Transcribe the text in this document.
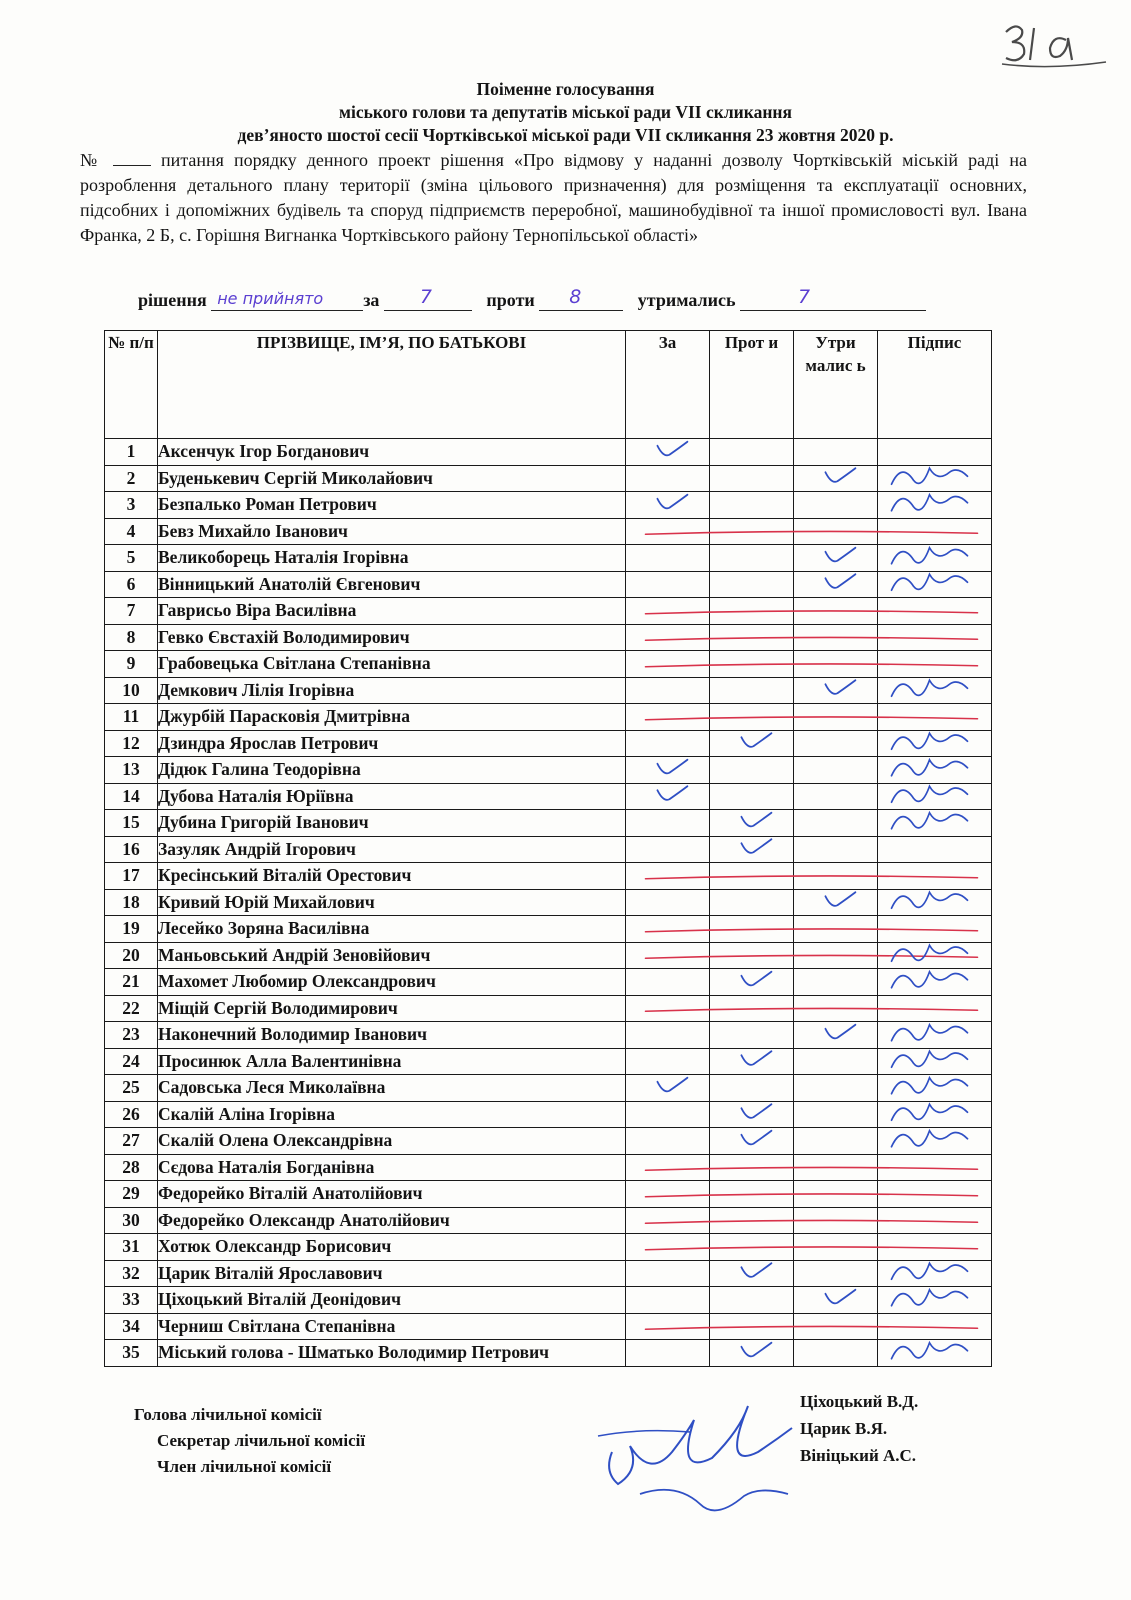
Поіменне голосування
міського голови та депутатів міської ради VII скликання
дев’яносто шостої сесії Чортківської міської ради VII скликання 23 жовтня 2020 р.
№	питання порядку денного проект рішення «Про відмову у наданні дозволу Чортківській міській раді на розроблення детального плану території (зміна цільового призначення) для розміщення та експлуатації основних, підсобних і допоміжних будівель та споруд підприємств переробної, машинобудівної та іншої промисловості вул. Івана Франка, 2 Б, с. Горішня Вигнанка Чортківського району Тернопільської області»
рішення не прийнято за 7	проти 8	утримались	7
№ п/п	ПРІЗВИЩЕ, ІМ’Я, ПО БАТЬКОВІ	За	Прот и	Утри малис ь	Підпис
1	Аксенчук Ігор Богданович				
2	Буденькевич Сергій Миколайович				
3	Безпалько Роман Петрович				
4	Бевз Михайло Іванович				
5	Великоборець Наталія Ігорівна				
6	Вінницький Анатолій Євгенович				
7	Гаврисьо Віра Василівна				
8	Гевко Євстахій Володимирович				
9	Грабовецька Світлана Степанівна				
10	Демкович Лілія Ігорівна				
11	Джурбій Парасковія Дмитрівна				
12	Дзиндра Ярослав Петрович				
13	Дідюк Галина Теодорівна				
14	Дубова Наталія Юріївна				
15	Дубина Григорій Іванович				
16	Зазуляк Андрій Ігорович				
17	Кресінський Віталій Орестович				
18	Кривий Юрій Михайлович				
19	Лесейко Зоряна Василівна				
20	Маньовський Андрій Зеновійович				
21	Махомет Любомир Олександрович				
22	Міщій Сергій Володимирович				
23	Наконечний Володимир Іванович				
24	Просинюк Алла Валентинівна				
25	Садовська Леся Миколаївна				
26	Скалій Аліна Ігорівна				
27	Скалій Олена Олександрівна				
28	Сєдова Наталія Богданівна				
29	Федорейко Віталій Анатолійович				
30	Федорейко Олександр Анатолійович				
31	Хотюк Олександр Борисович				
32	Царик Віталій Ярославович				
33	Ціхоцький Віталій Деонідович				
34	Черниш Світлана Степанівна				
35	Міський голова - Шматько Володимир Петрович				
Голова лічильної комісії
Секретар лічильної комісії
Член лічильної комісії
Ціхоцький В.Д.
Царик В.Я.
Вініцький А.С.
